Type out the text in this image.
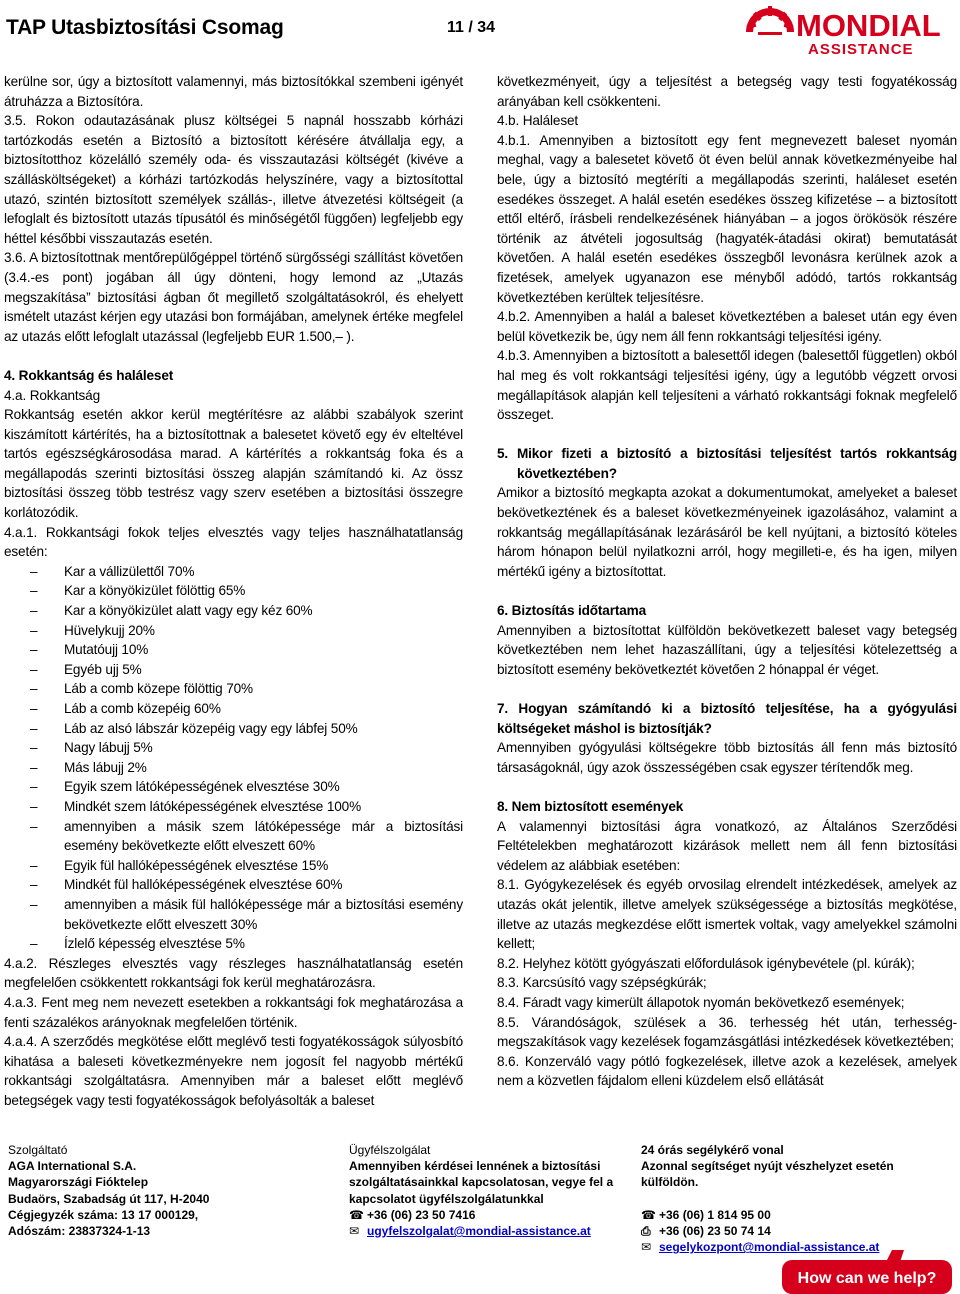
TAP Utasbiztosítási Csomag	11 / 34	MONDIAL
ASSISTANCE

kerülne sor, úgy a biztosított valamennyi, más biztosítókkal szembeni igényét átruházza a Biztosítóra.

3.5. Rokon odautazásának plusz költségei 5 napnál hosszabb kórházi tartózkodás esetén a Biztosító a biztosított kérésére átvállalja egy, a biztosítotthoz közelálló személy oda- és visszautazási költségét (kivéve a szállásköltségeket) a kórházi tartózkodás helyszínére, vagy a biztosítottal utazó, szintén biztosított személyek szállás-, illetve átvezetési költségeit (a lefoglalt és biztosított utazás típusától és minőségétől függően) legfeljebb egy héttel későbbi visszautazás esetén.

3.6. A biztosítottnak mentőrepülőgéppel történő sürgősségi szállítást követően (3.4.-es pont) jogában áll úgy dönteni, hogy lemond az „Utazás megszakítása” biztosítási ágban őt megillető szolgáltatásokról, és ehelyett ismételt utazást kérjen egy utazási bon formájában, amelynek értéke megfelel az utazás előtt lefoglalt utazással (legfeljebb EUR 1.500,– ).

4. Rokkantság és haláleset

4.a. Rokkantság

Rokkantság esetén akkor kerül megtérítésre az alábbi szabályok szerint kiszámított kártérítés, ha a biztosítottnak a balesetet követő egy év elteltével tartós egészségkárosodása marad. A kártérítés a rokkantság foka és a megállapodás szerinti biztosítási összeg alapján számítandó ki. Az össz biztosítási összeg több testrész vagy szerv esetében a biztosítási összegre korlátozódik.

4.a.1. Rokkantsági fokok teljes elvesztés vagy teljes használhatatlanság esetén:

– Kar a vállizülettől 70%
– Kar a könyökizület fölöttig 65%
– Kar a könyökizület alatt vagy egy kéz 60%
– Hüvelykujj 20%
– Mutatóujj 10%
– Egyéb ujj 5%
– Láb a comb közepe fölöttig 70%
– Láb a comb közepéig 60%
– Láb az alsó lábszár közepéig vagy egy lábfej 50%
– Nagy lábujj 5%
– Más lábujj 2%
– Egyik szem látóképességének elvesztése 30%
– Mindkét szem látóképességének elvesztése 100%
– amennyiben a másik szem látóképessége már a biztosítási esemény bekövetkezte előtt elveszett 60%
– Egyik fül hallóképességének elvesztése 15%
– Mindkét fül hallóképességének elvesztése 60%
– amennyiben a másik fül hallóképessége már a biztosítási esemény bekövetkezte előtt elveszett 30%
– Ízlelő képesség elvesztése 5%

4.a.2. Részleges elvesztés vagy részleges használhatatlanság esetén megfelelően csökkentett rokkantsági fok kerül meghatározásra.

4.a.3. Fent meg nem nevezett esetekben a rokkantsági fok meghatározása a fenti százalékos arányoknak megfelelően történik.

4.a.4. A szerződés megkötése előtt meglévő testi fogyatékosságok súlyosbító kihatása a baleseti következményekre nem jogosít fel nagyobb mértékű rokkantsági szolgáltatásra. Amennyiben már a baleset előtt meglévő betegségek vagy testi fogyatékosságok befolyásolták a baleset

következményeit, úgy a teljesítést a betegség vagy testi fogyatékosság arányában kell csökkenteni.

4.b. Haláleset

4.b.1. Amennyiben a biztosított egy fent megnevezett baleset nyomán meghal, vagy a balesetet követő öt éven belül annak következményeibe hal bele, úgy a biztosító megtéríti a megállapodás szerinti, haláleset esetén esedékes összeget. A halál esetén esedékes összeg kifizetése – a biztosított ettől eltérő, írásbeli rendelkezésének hiányában – a jogos örökösök részére történik az átvételi jogosultság (hagyaték-átadási okirat) bemutatását követően. A halál esetén esedékes összegből levonásra kerülnek azok a fizetések, amelyek ugyanazon ese ményből adódó, tartós rokkantság következtében kerültek teljesítésre.

4.b.2. Amennyiben a halál a baleset következtében a baleset után egy éven belül következik be, úgy nem áll fenn rokkantsági teljesítési igény.

4.b.3. Amennyiben a biztosított a balesettől idegen (balesettől független) okból hal meg és volt rokkantsági teljesítési igény, úgy a legutóbb végzett orvosi megállapítások alapján kell teljesíteni a várható rokkantsági foknak megfelelő összeget.

5. Mikor fizeti a biztosító a biztosítási teljesítést tartós rokkantság következtében?

Amikor a biztosító megkapta azokat a dokumentumokat, amelyeket a baleset bekövetkeztének és a baleset következményeinek igazolásához, valamint a rokkantság megállapításának lezárásáról be kell nyújtani, a biztosító köteles három hónapon belül nyilatkozni arról, hogy megilleti-e, és ha igen, milyen mértékű igény a biztosítottat.

6. Biztosítás időtartama

Amennyiben a biztosítottat külföldön bekövetkezett baleset vagy betegség következtében nem lehet hazaszállítani, úgy a teljesítési kötelezettség a biztosított esemény bekövetkeztét követően 2 hónappal ér véget.

7. Hogyan számítandó ki a biztosító teljesítése, ha a gyógyulási költségeket máshol is biztosítják?

Amennyiben gyógyulási költségekre több biztosítás áll fenn más biztosító társaságoknál, úgy azok összességében csak egyszer térítendők meg.

8. Nem biztosított események

A valamennyi biztosítási ágra vonatkozó, az Általános Szerződési Feltételekben meghatározott kizárások mellett nem áll fenn biztosítási védelem az alábbiak esetében:

8.1. Gyógykezelések és egyéb orvosilag elrendelt intézkedések, amelyek az utazás okát jelentik, illetve amelyek szükségessége a biztosítás megkötése, illetve az utazás megkezdése előtt ismertek voltak, vagy amelyekkel számolni kellett;

8.2. Helyhez kötött gyógyászati előfordulások igénybevétele (pl. kúrák);

8.3. Karcsúsító vagy szépségkúrák;

8.4. Fáradt vagy kimerült állapotok nyomán bekövetkező események;

8.5. Várandóságok, szülések a 36. terhesség hét után, terhesség-megszakítások vagy kezelések fogamzásgátlási intézkedések következtében;

8.6. Konzerváló vagy pótló fogkezelések, illetve azok a kezelések, amelyek nem a közvetlen fájdalom elleni küzdelem első ellátását

Szolgáltató
AGA International S.A.
Magyarországi Fióktelep
Budaörs, Szabadság út 117, H-2040
Cégjegyzék száma: 13 17 000129,
Adószám: 23837324-1-13
Ügyfélszolgálat
Amennyiben kérdései lennének a biztosítási
szolgáltatásainkkal kapcsolatosan, vegye fel a
kapcsolatot ügyfélszolgálatunkkal
☎ +36 (06) 23 50 7416
✉ ugyfelszolgalat@mondial-assistance.at
24 órás segélykérő vonal
Azonnal segítséget nyújt vészhelyzet esetén
külföldön.
☎ +36 (06) 1 814 95 00
⎙ +36 (06) 23 50 74 14
✉ segelykozpont@mondial-assistance.at
How can we help?
